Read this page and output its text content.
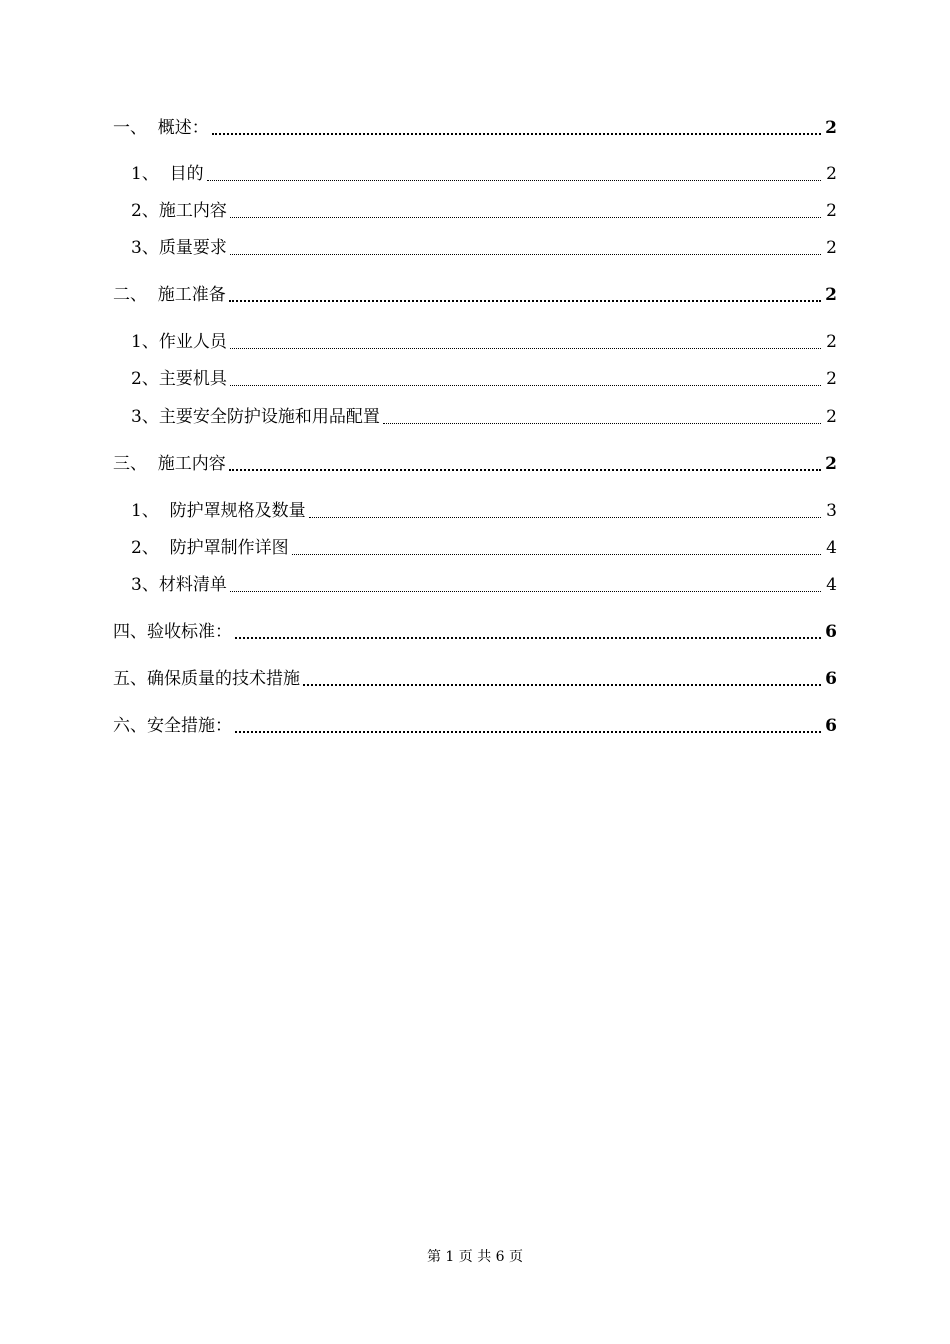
一、  概述：	2
1、  目的	2
2、施工内容	2
3、质量要求	2
二、  施工准备	2
1、作业人员	2
2、主要机具	2
3、主要安全防护设施和用品配置	2
三、  施工内容	2
1、  防护罩规格及数量	3
2、  防护罩制作详图	4
3、材料清单	4
四、验收标准：	6
五、确保质量的技术措施	6
六、安全措施：	6
第 1 页 共 6 页
